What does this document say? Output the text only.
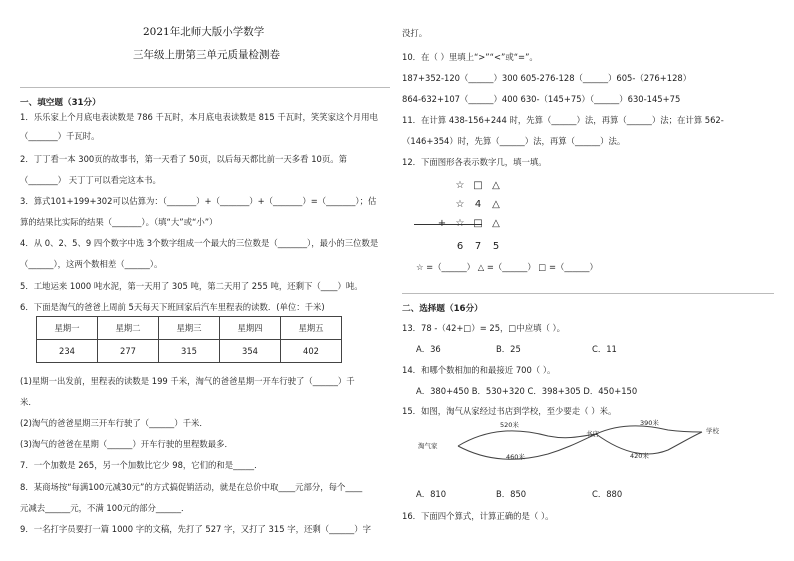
2021年北师大版小学数学
三年级上册第三单元质量检测卷
一、填空题（31分）
1．乐乐家上个月底电表读数是 786 千瓦时，本月底电表读数是 815 千瓦时，笑笑家这个月用电
（_______）千瓦时。
2．丁丁看一本 300页的故事书，第一天看了 50页，以后每天都比前一天多看 10页。第
（_______） 天丁丁可以看完这本书。
3．算式101+199+302可以估算为：（_______）+（_______）+（_______）=（_______）；估
算的结果比实际的结果（_______）。（填“大”或“小”）
4．从 0、2、5、9 四个数字中选 3个数字组成一个最大的三位数是（_______），最小的三位数是
（______），这两个数相差（______）。
5．工地运来 1000 吨水泥，第一天用了 305 吨，第二天用了 255 吨，还剩下（____）吨。
6．下面是淘气的爸爸上周前 5天每天下班回家后汽车里程表的读数．(单位：千米)
星期一	星期二	星期三	星期四	星期五
234	277	315	354	402
(1)星期一出发前，里程表的读数是 199 千米，淘气的爸爸星期一开车行驶了（______）千
米．
(2)淘气的爸爸星期三开车行驶了（______）千米．
(3)淘气的爸爸在星期（______）开车行驶的里程数最多．
7．一个加数是 265，另一个加数比它少 98，它们的和是_____．
8．某商场按“每满100元减30元”的方式搞促销活动，就是在总价中取____元部分，每个____
元减去______元，不满 100元的部分______．
9．一名打字员要打一篇 1000 字的文稿，先打了 527 字，又打了 315 字，还剩（______）字
没打。
10．在（ ）里填上“>”“<”或“=”。
187+352-120（______）300 605-276-128（______）605-（276+128）
864-632+107（______）400 630-（145+75）（______）630-145+75
11．在计算 438-156+244 时，先算（______）法，再算（______）法；在计算 562-
（146+354）时，先算（______）法，再算（______）法。
12．下面图形各表示数字几，填一填。
☆ □ △
☆	4	△
+ ☆ □ △
6	7	5
☆ =（______） △ =（______） □ =（______）
二、选择题（16分）
13．78 -（42+□）= 25，□中应填（ ）。
A．36	B．25	C．11
14．和哪个数相加的和最接近 700（ ）。
A．380+450 B．530+320 C．398+305 D．450+150
15．如图，淘气从家经过书店到学校，至少要走（ ）米。
淘气家
书店	学校
520米	390米
460米	420米
A．810	B．850	C．880
16．下面四个算式，计算正确的是（ ）。
